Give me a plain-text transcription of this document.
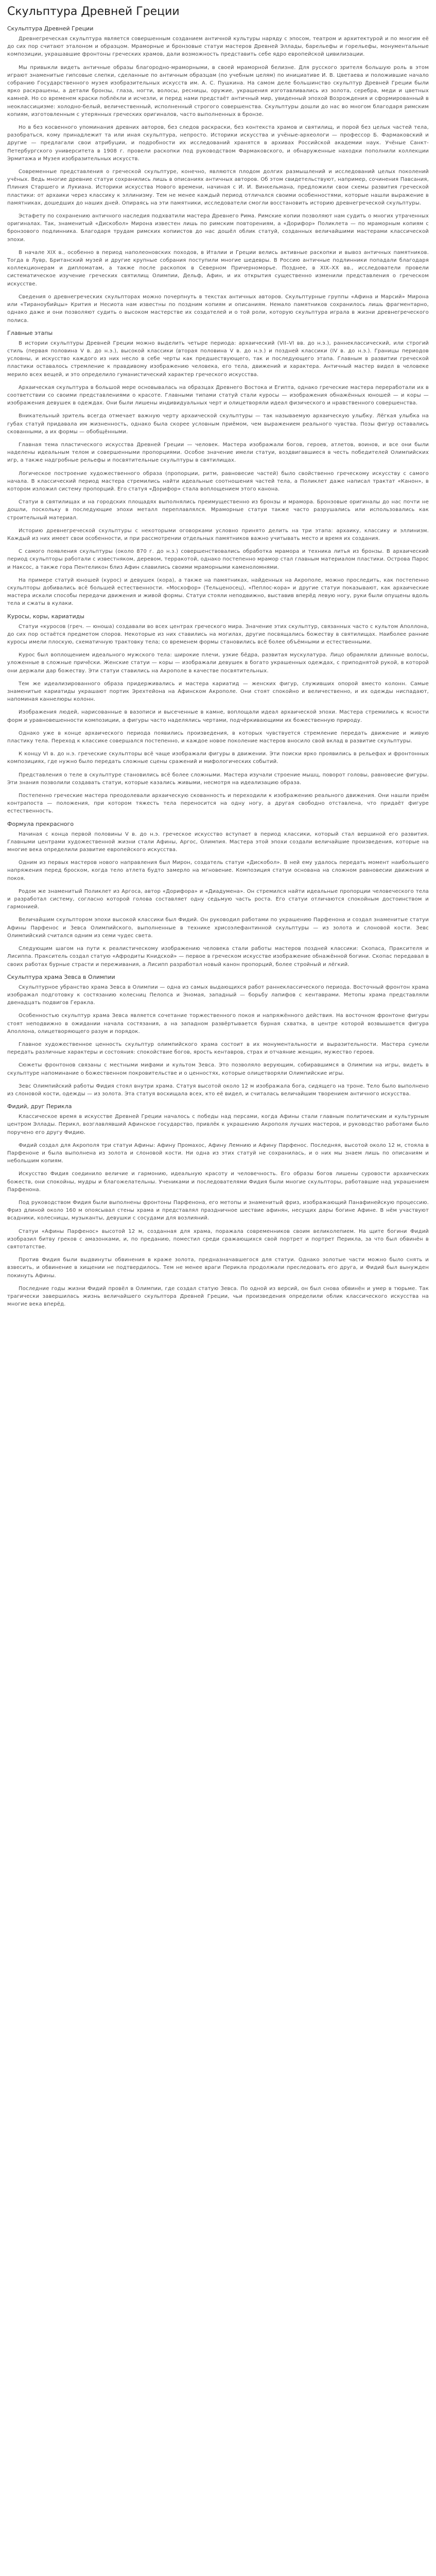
Скульптура Древней Греции
Скульптура Древней Греции
Древнегреческая скульптура является совершенным созданием античной культуры наряду с эпосом, театром и архитектурой и по многим её до сих пор считают эталоном и образцом. Мраморные и бронзовые статуи мастеров Древней Эллады, барельефы и горельефы, монументальные композиции, украшавшие фронтоны греческих храмов, дали возможность представить себе ядро европейской цивилизации.
Мы привыкли видеть античные образы благородно-мраморными, в своей мраморной белизне. Для русского зрителя большую роль в этом играют знаменитые гипсовые слепки, сделанные по античным образцам (по учебным целям) по инициативе И. В. Цветаева и положившие начало собранию Государственного музея изобразительных искусств им. А. С. Пушкина. На самом деле большинство скульптур Древней Греции были ярко раскрашены, а детали бронзы, глаза, ногти, волосы, ресницы, оружие, украшения изготавливались из золота, серебра, меди и цветных камней. Но со временем краски поблёкли и исчезли, и перед нами предстаёт античный мир, увиденный эпохой Возрождения и сформированный в неоклассицизме: холодно-белый, величественный, исполненный строгого совершенства. Скульптуры дошли до нас во многом благодаря римским копиям, изготовленным с утерянных греческих оригиналов, часто выполненных в бронзе.
Но в без косвенного упоминания древних авторов, без следов раскраски, без контекста храмов и святилищ, и порой без целых частей тела, разобраться, кому принадлежит та или иная скульптура, непросто. Историки искусства и учёные-археологи — профессор Б. Фармаковский и другие — предлагали свои атрибуции, и подробности их исследований хранятся в архивах Российской академии наук. Учёные Санкт-Петербургского университета в 1908 г. провели раскопки под руководством Фармаковского, и обнаруженные находки пополнили коллекции Эрмитажа и Музея изобразительных искусств.
Современные представления о греческой скульптуре, конечно, являются плодом долгих размышлений и исследований целых поколений учёных. Ведь многие древние статуи сохранились лишь в описаниях античных авторов. Об этом свидетельствуют, например, сочинения Павсания, Плиния Старшего и Лукиана. Историки искусства Нового времени, начиная с И. И. Винкельмана, предложили свои схемы развития греческой пластики: от архаики через классику к эллинизму. Тем не менее каждый период отличался своими особенностями, которые нашли выражение в памятниках, дошедших до наших дней. Опираясь на эти памятники, исследователи смогли восстановить историю древнегреческой скульптуры.
Эстафету по сохранению античного наследия подхватили мастера Древнего Рима. Римские копии позволяют нам судить о многих утраченных оригиналах. Так, знаменитый «Дискобол» Мирона известен лишь по римским повторениям, а «Дорифор» Поликлета — по мраморным копиям с бронзового подлинника. Благодаря трудам римских копиистов до нас дошёл облик статуй, созданных величайшими мастерами классической эпохи.
В начале XIX в., особенно в период наполеоновских походов, в Италии и Греции велись активные раскопки и вывоз античных памятников. Тогда в Лувр, Британский музей и другие крупные собрания поступили многие шедевры. В Россию античные подлинники попадали благодаря коллекционерам и дипломатам, а также после раскопок в Северном Причерноморье. Позднее, в XIX–XX вв., исследователи провели систематическое изучение греческих святилищ Олимпии, Дельф, Афин, и их открытия существенно изменили представления о греческом искусстве.
Сведения о древнегреческих скульпторах можно почерпнуть в текстах античных авторов. Скульптурные группы «Афина и Марсий» Мирона или «Тираноубийцы» Крития и Несиота нам известны по поздним копиям и описаниям. Немало памятников сохранилось лишь фрагментарно, однако даже и они позволяют судить о высоком мастерстве их создателей и о той роли, которую скульптура играла в жизни древнегреческого полиса.
Главные этапы
В истории скульптуры Древней Греции можно выделить четыре периода: архаический (VII–VI вв. до н.э.), раннеклассический, или строгий стиль (первая половина V в. до н.э.), высокой классики (вторая половина V в. до н.э.) и поздней классики (IV в. до н.э.). Границы периодов условны, и искусство каждого из них несло в себе черты как предшествующего, так и последующего этапа. Главным в развитии греческой пластики оставалось стремление к правдивому изображению человека, его тела, движений и характера. Античный мастер видел в человеке мерило всех вещей, и это определило гуманистический характер греческого искусства.
Архаическая скульптура в большой мере основывалась на образцах Древнего Востока и Египта, однако греческие мастера переработали их в соответствии со своими представлениями о красоте. Главными типами статуй стали куросы — изображения обнажённых юношей — и коры — изображения девушек в одеждах. Они были лишены индивидуальных черт и олицетворяли идеал физического и нравственного совершенства.
Вникательный зритель всегда отмечает важную черту архаической скульптуры — так называемую архаическую улыбку. Лёгкая улыбка на губах статуй придавала им жизненность, однако была скорее условным приёмом, чем выражением реального чувства. Позы фигур оставались скованными, а их формы — обобщёнными.
Главная тема пластического искусства Древней Греции — человек. Мастера изображали богов, героев, атлетов, воинов, и все они были наделены идеальным телом и совершенными пропорциями. Особое значение имели статуи, воздвигавшиеся в честь победителей Олимпийских игр, а также надгробные рельефы и посвятительные скульптуры в святилищах.
Логическое построение художественного образа (пропорции, ритм, равновесие частей) было свойственно греческому искусству с самого начала. В классический период мастера стремились найти идеальные соотношения частей тела, а Поликлет даже написал трактат «Канон», в котором изложил систему пропорций. Его статуя «Дорифор» стала воплощением этого канона.
Статуи в святилищах и на городских площадях выполнялись преимущественно из бронзы и мрамора. Бронзовые оригиналы до нас почти не дошли, поскольку в последующие эпохи металл переплавлялся. Мраморные статуи также часто разрушались или использовались как строительный материал.
Историю древнегреческой скульптуры с некоторыми оговорками условно принято делить на три этапа: архаику, классику и эллинизм. Каждый из них имеет свои особенности, и при рассмотрении отдельных памятников важно учитывать место и время их создания.
С самого появления скульптуры (около 870 г. до н.э.) совершенствовались обработка мрамора и техника литья из бронзы. В архаический период скульпторы работали с известняком, деревом, терракотой, однако постепенно мрамор стал главным материалом пластики. Острова Парос и Наксос, а также гора Пентеликон близ Афин славились своими мраморными каменоломнями.
На примере статуй юношей (курос) и девушек (кора), а также на памятниках, найденных на Акрополе, можно проследить, как постепенно скульпторы добивались всё большей естественности. «Мосхофор» (Тельценосец), «Пеплос-кора» и другие статуи показывают, как архаические мастера искали способы передачи движения и живой формы. Статуи стояли неподвижно, выставив вперёд левую ногу, руки были опущены вдоль тела и сжаты в кулаки.
Куросы, коры, кариатиды
Статуи «куросов (греч. — юноша) создавали во всех центрах греческого мира. Значение этих скульптур, связанных часто с культом Аполлона, до сих пор остаётся предметом споров. Некоторые из них ставились на могилах, другие посвящались божеству в святилищах. Наиболее ранние куросы имели плоскую, схематичную трактовку тела; со временем формы становились всё более объёмными и естественными.
Курос был воплощением идеального мужского тела: широкие плечи, узкие бёдра, развитая мускулатура. Лицо обрамляли длинные волосы, уложенные в сложные причёски. Женские статуи — коры — изображали девушек в богато украшенных одеждах, с приподнятой рукой, в которой они держали дар божеству. Эти статуи ставились на Акрополе в качестве посвятительных.
Тем же идеализированного образа придерживались и мастера кариатид — женских фигур, служивших опорой вместо колонн. Самые знаменитые кариатиды украшают портик Эрехтейона на Афинском Акрополе. Они стоят спокойно и величественно, и их одежды ниспадают, напоминая каннелюры колонн.
Изображения людей, нарисованные в вазописи и высеченные в камне, воплощали идеал архаической эпохи. Мастера стремились к ясности форм и уравновешенности композиции, а фигуры часто наделялись чертами, подчёркивающими их божественную природу.
Однако уже в конце архаического периода появились произведения, в которых чувствуется стремление передать движение и живую пластику тела. Переход к классике совершался постепенно, и каждое новое поколение мастеров вносило свой вклад в развитие скульптуры.
К концу VI в. до н.э. греческие скульпторы всё чаще изображали фигуры в движении. Эти поиски ярко проявились в рельефах и фронтонных композициях, где нужно было передать сложные сцены сражений и мифологических событий.
Представления о теле в скульптуре становились всё более сложными. Мастера изучали строение мышц, поворот головы, равновесие фигуры. Эти знания позволили создавать статуи, которые казались живыми, несмотря на идеализацию образа.
Постепенно греческие мастера преодолевали архаическую скованность и переходили к изображению реального движения. Они нашли приём контрапоста — положения, при котором тяжесть тела переносится на одну ногу, а другая свободно отставлена, что придаёт фигуре естественность.
Формула прекрасного
Начиная с конца первой половины V в. до н.э. греческое искусство вступает в период классики, который стал вершиной его развития. Главными центрами художественной жизни стали Афины, Аргос, Олимпия. Мастера этой эпохи создали величайшие произведения, которые на многие века определили развитие европейского искусства.
Одним из первых мастеров нового направления был Мирон, создатель статуи «Дискобол». В ней ему удалось передать момент наибольшего напряжения перед броском, когда тело атлета будто замерло на мгновение. Композиция статуи основана на сложном равновесии движения и покоя.
Родом же знаменитый Поликлет из Аргоса, автор «Дорифора» и «Диадумена». Он стремился найти идеальные пропорции человеческого тела и разработал систему, согласно которой голова составляет одну седьмую часть роста. Его статуи отличаются спокойным достоинством и гармонией.
Величайшим скульптором эпохи высокой классики был Фидий. Он руководил работами по украшению Парфенона и создал знаменитые статуи Афины Парфенос и Зевса Олимпийского, выполненные в технике хрисоэлефантинной скульптуры — из золота и слоновой кости. Зевс Олимпийский считался одним из семи чудес света.
Следующим шагом на пути к реалистическому изображению человека стали работы мастеров поздней классики: Скопаса, Праксителя и Лисиппа. Пракситель создал статую «Афродиты Книдской» — первое в греческом искусстве изображение обнажённой богини. Скопас передавал в своих работах бурные страсти и переживания, а Лисипп разработал новый канон пропорций, более стройный и лёгкий.
Скульптура храма Зевса в Олимпии
Скульптурное убранство храма Зевса в Олимпии — одна из самых выдающихся работ раннеклассического периода. Восточный фронтон храма изображал подготовку к состязанию колесниц Пелопса и Эномая, западный — борьбу лапифов с кентаврами. Метопы храма представляли двенадцать подвигов Геракла.
Особенностью скульптур храма Зевса является сочетание торжественного покоя и напряжённого действия. На восточном фронтоне фигуры стоят неподвижно в ожидании начала состязания, а на западном развёртывается бурная схватка, в центре которой возвышается фигура Аполлона, олицетворяющего разум и порядок.
Главное художественное ценность скульптур олимпийского храма состоит в их монументальности и выразительности. Мастера сумели передать различные характеры и состояния: спокойствие богов, ярость кентавров, страх и отчаяние женщин, мужество героев.
Сюжеты фронтонов связаны с местными мифами и культом Зевса. Это позволяло верующим, собиравшимся в Олимпии на игры, видеть в скульптуре напоминание о божественном покровительстве и о ценностях, которые олицетворяли Олимпийские игры.
Зевс Олимпийский работы Фидия стоял внутри храма. Статуя высотой около 12 м изображала бога, сидящего на троне. Тело было выполнено из слоновой кости, одежды — из золота. Эта статуя восхищала всех, кто её видел, и считалась величайшим творением античного искусства.
Фидий, друг Перикла
Классическое время в искусстве Древней Греции началось с победы над персами, когда Афины стали главным политическим и культурным центром Эллады. Перикл, возглавлявший Афинское государство, привлёк к украшению Акрополя лучших мастеров, и руководство работами было поручено его другу Фидию.
Фидий создал для Акрополя три статуи Афины: Афину Промахос, Афину Лемнию и Афину Парфенос. Последняя, высотой около 12 м, стояла в Парфеноне и была выполнена из золота и слоновой кости. Ни одна из этих статуй не сохранилась, и о них мы знаем лишь по описаниям и небольшим копиям.
Искусство Фидия соединило величие и гармонию, идеальную красоту и человечность. Его образы богов лишены суровости архаических божеств, они спокойны, мудры и благожелательны. Учениками и последователями Фидия были многие скульпторы, работавшие над украшением Парфенона.
Под руководством Фидия были выполнены фронтоны Парфенона, его метопы и знаменитый фриз, изображающий Панафинейскую процессию. Фриз длиной около 160 м опоясывал стены храма и представлял праздничное шествие афинян, несущих дары богине Афине. В нём участвуют всадники, колесницы, музыканты, девушки с сосудами для возлияний.
Статуи «Афины Парфенос» высотой 12 м, созданная для храма, поражала современников своим великолепием. На щите богини Фидий изобразил битву греков с амазонками, и, по преданию, поместил среди сражающихся свой портрет и портрет Перикла, за что был обвинён в святотатстве.
Против Фидия были выдвинуты обвинения в краже золота, предназначавшегося для статуи. Однако золотые части можно было снять и взвесить, и обвинение в хищении не подтвердилось. Тем не менее враги Перикла продолжали преследовать его друга, и Фидий был вынужден покинуть Афины.
Последние годы жизни Фидий провёл в Олимпии, где создал статую Зевса. По одной из версий, он был снова обвинён и умер в тюрьме. Так трагически завершилась жизнь величайшего скульптора Древней Греции, чьи произведения определили облик классического искусства на многие века вперёд.
